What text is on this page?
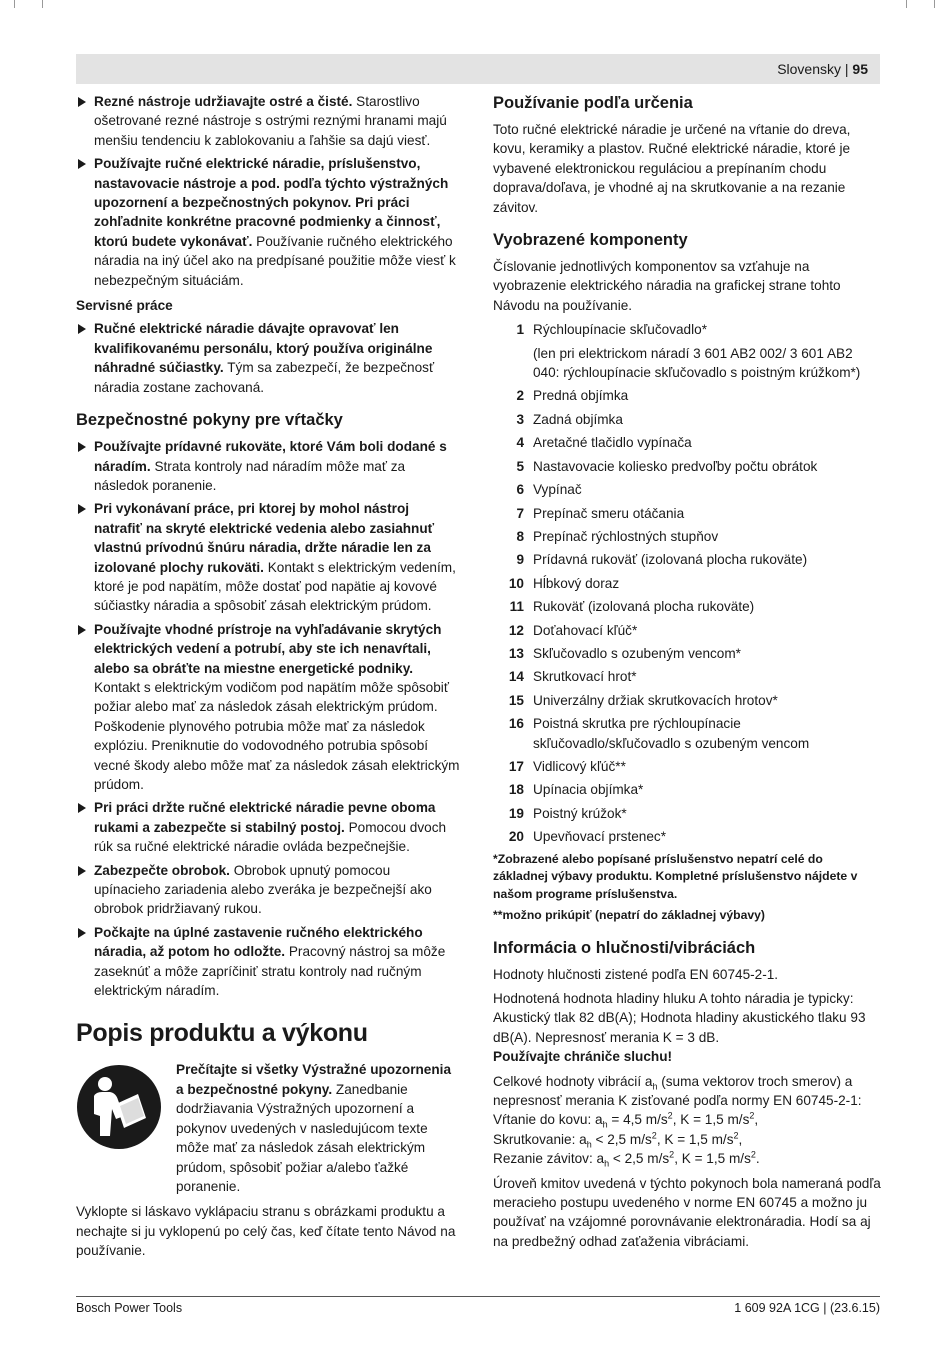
Slovensky | 95
Rezné nástroje udržiavajte ostré a čisté. Starostlivo ošetrované rezné nástroje s ostrými reznými hranami majú menšiu tendenciu k zablokovaniu a ľahšie sa dajú viesť.
Používajte ručné elektrické náradie, príslušenstvo, nastavovacie nástroje a pod. podľa týchto výstražných upozornení a bezpečnostných pokynov. Pri práci zohľadnite konkrétne pracovné podmienky a činnosť, ktorú budete vykonávať. Používanie ručného elektrického náradia na iný účel ako na predpísané použitie môže viesť k nebezpečným situáciám.
Servisné práce
Ručné elektrické náradie dávajte opravovať len kvalifikovanému personálu, ktorý používa originálne náhradné súčiastky. Tým sa zabezpečí, že bezpečnosť náradia zostane zachovaná.
Bezpečnostné pokyny pre vŕtačky
Používajte prídavné rukoväte, ktoré Vám boli dodané s náradím. Strata kontroly nad náradím môže mať za následok poranenie.
Pri vykonávaní práce, pri ktorej by mohol nástroj natrafiť na skryté elektrické vedenia alebo zasiahnuť vlastnú prívodnú šnúru náradia, držte náradie len za izolované plochy rukoväti. Kontakt s elektrickým vedením, ktoré je pod napätím, môže dostať pod napätie aj kovové súčiastky náradia a spôsobiť zásah elektrickým prúdom.
Používajte vhodné prístroje na vyhľadávanie skrytých elektrických vedení a potrubí, aby ste ich nenavŕtali, alebo sa obráťte na miestne energetické podniky. Kontakt s elektrickým vodičom pod napätím môže spôsobiť požiar alebo mať za následok zásah elektrickým prúdom. Poškodenie plynového potrubia môže mať za následok explóziu. Preniknutie do vodovodného potrubia spôsobí vecné škody alebo môže mať za následok zásah elektrickým prúdom.
Pri práci držte ručné elektrické náradie pevne oboma rukami a zabezpečte si stabilný postoj. Pomocou dvoch rúk sa ručné elektrické náradie ovláda bezpečnejšie.
Zabezpečte obrobok. Obrobok upnutý pomocou upínacieho zariadenia alebo zveráka je bezpečnejší ako obrobok pridržiavaný rukou.
Počkajte na úplné zastavenie ručného elektrického náradia, až potom ho odložte. Pracovný nástroj sa môže zaseknúť a môže zapríčiniť stratu kontroly nad ručným elektrickým náradím.
Popis produktu a výkonu
Prečítajte si všetky Výstražné upozornenia a bezpečnostné pokyny. Zanedbanie dodržiavania Výstražných upozornení a pokynov uvedených v nasledujúcom texte môže mať za následok zásah elektrickým prúdom, spôsobiť požiar a/alebo ťažké poranenie.

Vyklopte si láskavo vyklápaciu stranu s obrázkami produktu a nechajte si ju vyklopenú po celý čas, keď čítate tento Návod na používanie.

Používanie podľa určenia

Toto ručné elektrické náradie je určené na vŕtanie do dreva, kovu, keramiky a plastov. Ručné elektrické náradie, ktoré je vybavené elektronickou reguláciou a prepínaním chodu doprava/doľava, je vhodné aj na skrutkovanie a na rezanie závitov.

Vyobrazené komponenty

Číslovanie jednotlivých komponentov sa vzťahuje na vyobrazenie elektrického náradia na grafickej strane tohto Návodu na používanie.

1 Rýchloupínacie skľučovadlo*
(len pri elektrickom náradí 3 601 AB2 002/ 3 601 AB2 040: rýchloupínacie skľučovadlo s poistným krúžkom*)
2 Predná objímka
3 Zadná objímka
4 Aretačné tlačidlo vypínača
5 Nastavovacie koliesko predvoľby počtu obrátok
6 Vypínač
7 Prepínač smeru otáčania
8 Prepínač rýchlostných stupňov
9 Prídavná rukoväť (izolovaná plocha rukoväte)
10 Hĺbkový doraz
11 Rukoväť (izolovaná plocha rukoväte)
12 Doťahovací kľúč*
13 Skľučovadlo s ozubeným vencom*
14 Skrutkovací hrot*
15 Univerzálny držiak skrutkovacích hrotov*
16 Poistná skrutka pre rýchloupínacie skľučovadlo/skľučovadlo s ozubeným vencom
17 Vidlicový kľúč**
18 Upínacia objímka*
19 Poistný krúžok*
20 Upevňovací prstenec*
*Zobrazené alebo popísané príslušenstvo nepatrí celé do základnej výbavy produktu. Kompletné príslušenstvo nájdete v našom programe príslušenstva.
**možno prikúpiť (nepatrí do základnej výbavy)
Informácia o hlučnosti/vibráciách

Hodnoty hlučnosti zistené podľa EN 60745-2-1.

Hodnotená hodnota hladiny hluku A tohto náradia je typicky: Akustický tlak 82 dB(A); Hodnota hladiny akustického tlaku 93 dB(A). Nepresnosť merania K = 3 dB.

Používajte chrániče sluchu!

Celkové hodnoty vibrácií $a_h$ (suma vektorov troch smerov) a nepresnosť merania K zisťované podľa normy EN 60745-2-1:
Vŕtanie do kovu: $a_h = 4,5$ $m/s^2$, K = 1,5 $m/s^2$,
Skrutkovanie: $a_h < 2,5$ $m/s^2$, K = 1,5 $m/s^2$,
Rezanie závitov: $a_h < 2,5$ $m/s^2$, K = 1,5 $m/s^2$.

Úroveň kmitov uvedená v týchto pokynoch bola nameraná podľa meracieho postupu uvedeného v norme EN 60745 a možno ju používať na vzájomné porovnávanie elektronáradia. Hodí sa aj na predbežný odhad zaťaženia vibráciami.

Bosch Power Tools	1 609 92A 1CG | (23.6.15)
